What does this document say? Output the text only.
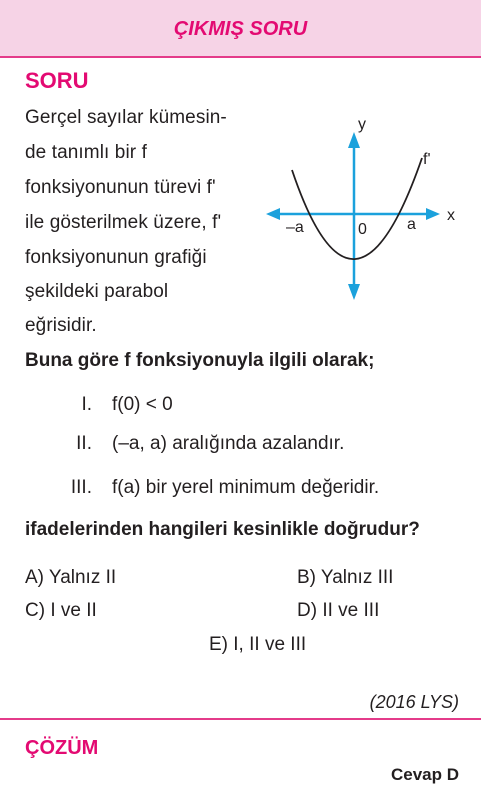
ÇIKMIŞ SORU
SORU
Gerçel sayılar kümesin-
de tanımlı bir f
fonksiyonunun türevi f'
ile gösterilmek üzere, f'
fonksiyonunun grafiği
şekildeki parabol
eğrisidir.
y
x
f'
–a	0	a
Buna göre f fonksiyonuyla ilgili olarak;
I. f(0) < 0
II. (–a, a) aralığında azalandır.
III. f(a) bir yerel minimum değeridir.
ifadelerinden hangileri kesinlikle doğrudur?
A) Yalnız II	B) Yalnız III
C) I ve II	D) II ve III
E) I, II ve III
(2016 LYS)
ÇÖZÜM
Cevap D
